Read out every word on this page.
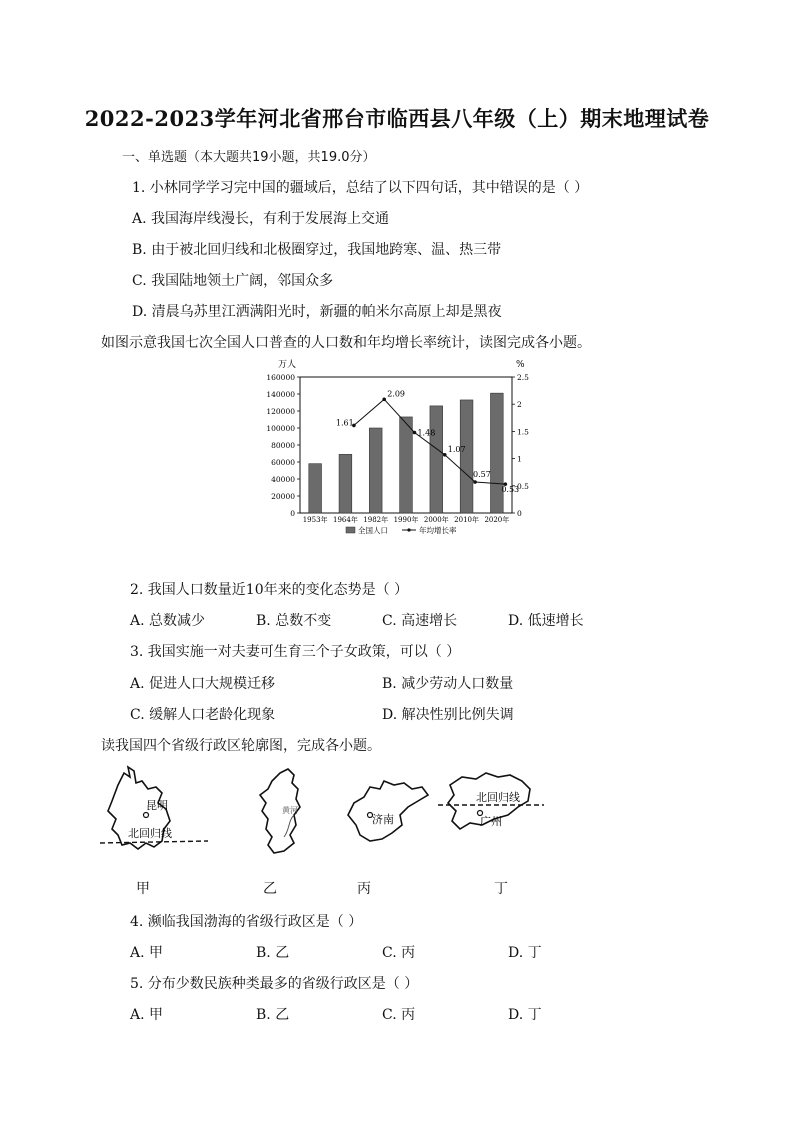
2022-2023学年河北省邢台市临西县八年级（上）期末地理试卷
一、单选题（本大题共19小题，共19.0分）
1. 小林同学学习完中国的疆域后，总结了以下四句话，其中错误的是（ ）
A. 我国海岸线漫长，有利于发展海上交通
B. 由于被北回归线和北极圈穿过，我国地跨寒、温、热三带
C. 我国陆地领土广阔，邻国众多
D. 清晨乌苏里江洒满阳光时，新疆的帕米尔高原上却是黑夜
如图示意我国七次全国人口普查的人口数和年均增长率统计，读图完成各小题。
万人
0
20000
40000
60000
80000
100000
120000
140000
160000
%
0
0.5
1
1.5
2
2.5
1953年 1964年 1982年 1990年 2000年 2010年 2020年
1.61
2.09
1.48
1.07
0.57
0.53
全国人口	年均增长率
2. 我国人口数量近10年来的变化态势是（ ）
A. 总数减少	B. 总数不变	C. 高速增长	D. 低速增长
3. 我国实施一对夫妻可生育三个子女政策，可以（ ）
A. 促进人口大规模迁移	B. 减少劳动人口数量
C. 缓解人口老龄化现象	D. 解决性别比例失调
读我国四个省级行政区轮廓图，完成各小题。
昆明
北回归线
黄河
济南
北回归线
广州
甲	乙	丙	丁
4. 濒临我国渤海的省级行政区是（ ）
A. 甲	B. 乙	C. 丙	D. 丁
5. 分布少数民族种类最多的省级行政区是（ ）
A. 甲	B. 乙	C. 丙	D. 丁
